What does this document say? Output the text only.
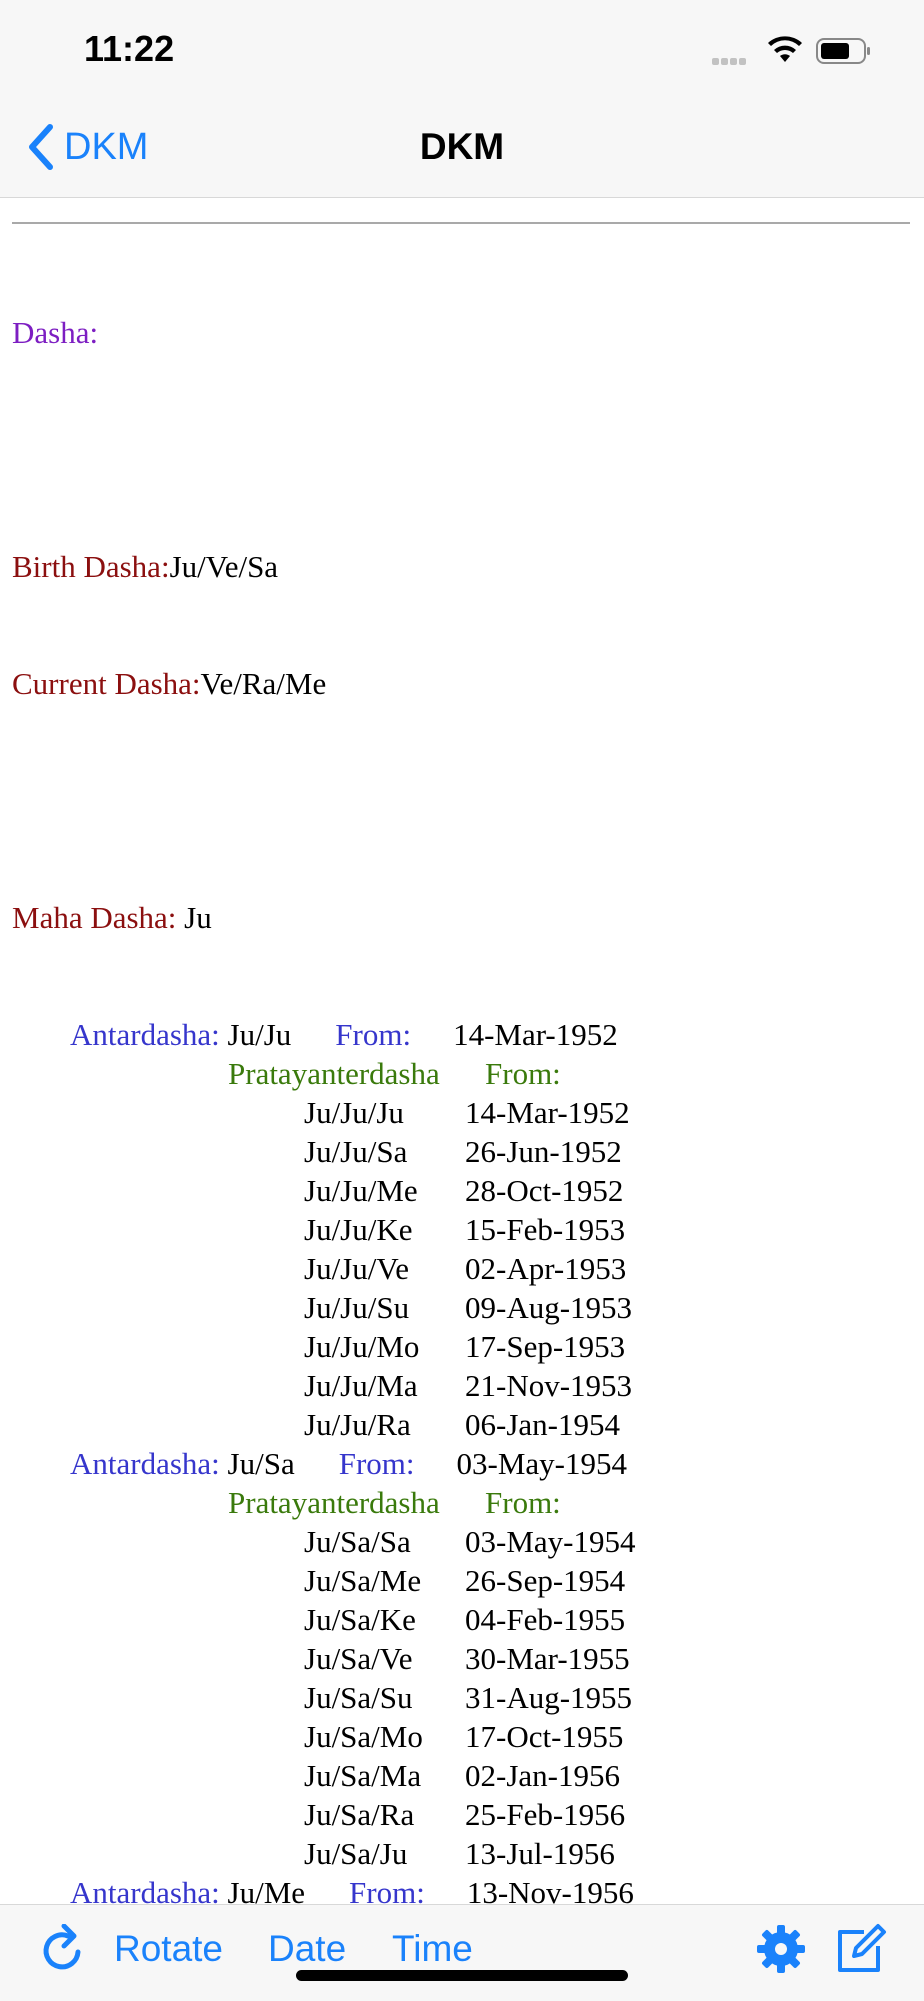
11:22
DKM	DKM

Dasha:

Birth Dasha:Ju/Ve/Sa

Current Dasha:Ve/Ra/Me

Maha Dasha: Ju

Antardasha: Ju/Ju From: 14-Mar-1952
Pratayanterdasha From:
Ju/Ju/Ju 14-Mar-1952
Ju/Ju/Sa 26-Jun-1952
Ju/Ju/Me 28-Oct-1952
Ju/Ju/Ke 15-Feb-1953
Ju/Ju/Ve 02-Apr-1953
Ju/Ju/Su 09-Aug-1953
Ju/Ju/Mo 17-Sep-1953
Ju/Ju/Ma 21-Nov-1953
Ju/Ju/Ra 06-Jan-1954
Antardasha: Ju/Sa From: 03-May-1954
Pratayanterdasha From:
Ju/Sa/Sa 03-May-1954
Ju/Sa/Me 26-Sep-1954
Ju/Sa/Ke 04-Feb-1955
Ju/Sa/Ve 30-Mar-1955
Ju/Sa/Su 31-Aug-1955
Ju/Sa/Mo 17-Oct-1955
Ju/Sa/Ma 02-Jan-1956
Ju/Sa/Ra 25-Feb-1956
Ju/Sa/Ju 13-Jul-1956
Antardasha: Ju/Me From: 13-Nov-1956

Rotate Date Time
